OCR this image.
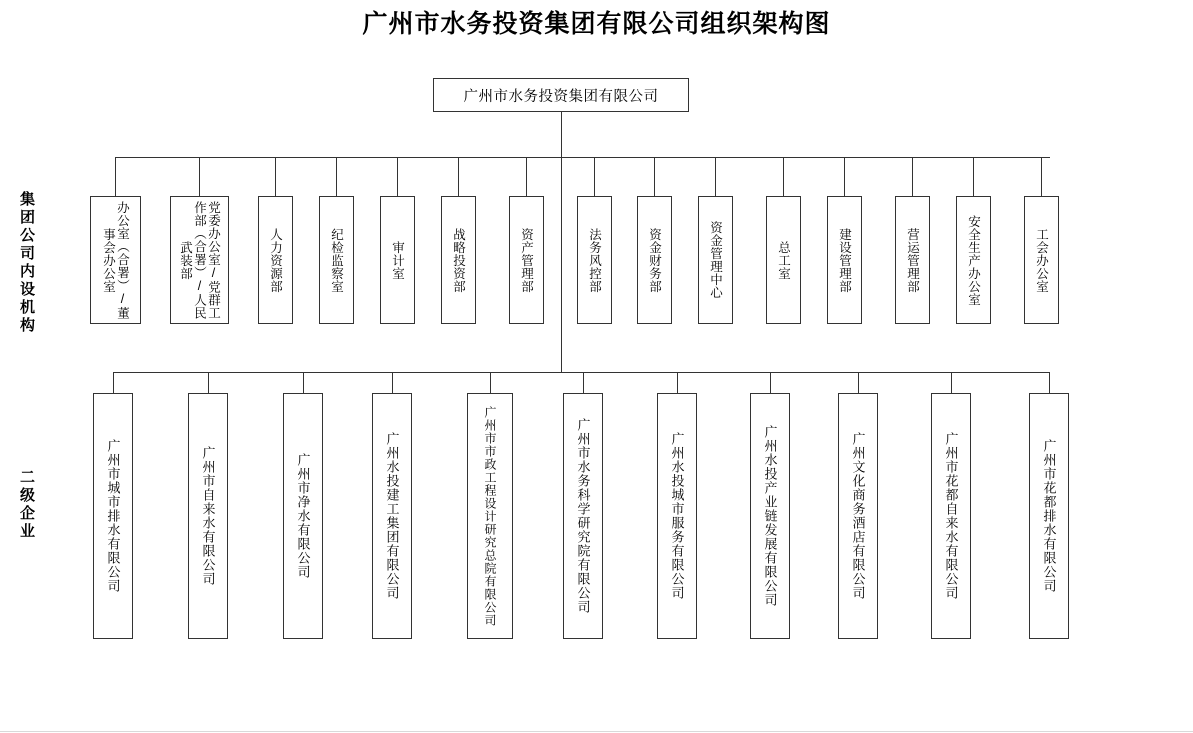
广州市水务投资集团有限公司组织架构图
集团公司内设机构
二级企业
广州市水务投资集团有限公司
办公室（合署）/董事会办公室	党委办公室/党群工作部（合署）/人民武装部	人力资源部	纪检监察室	审计室	战略投资部	资产管理部	法务风控部	资金财务部	资金管理中心	总工室	建设管理部	营运管理部	安全生产办公室	工会办公室
广州市城市排水有限公司	广州市自来水有限公司	广州市净水有限公司	广州水投建工集团有限公司	广州市市政工程设计研究总院有限公司	广州市水务科学研究院有限公司	广州水投城市服务有限公司	广州水投产业链发展有限公司	广州文化商务酒店有限公司	广州市花都自来水有限公司	广州市花都排水有限公司
